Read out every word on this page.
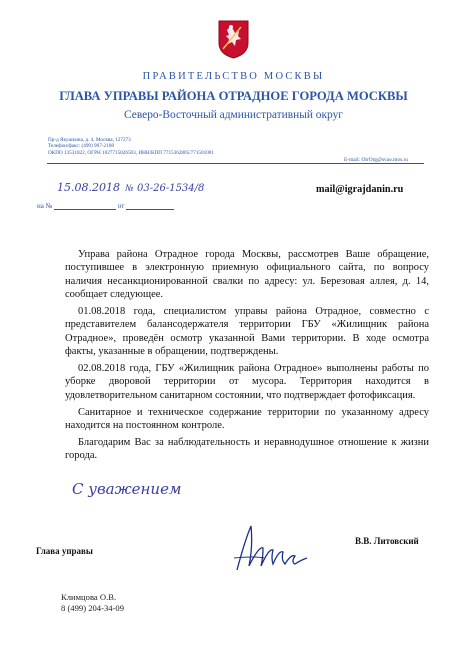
ПРАВИТЕЛЬСТВО МОСКВЫ
ГЛАВА УПРАВЫ РАЙОНА ОТРАДНОЕ ГОРОДА МОСКВЫ
Северо-Восточный административный округ
Пр-д Якушкина, д. 4, Москва, 127273
Телефон/факс: (499) 907-2108
ОКПО 13531822, ОГРН 1027715026503, ИНН/КПП 7715362805/771501001
E-mail: OtrOrg@svao.mos.ru
15.08.2018 № 03-26-1534/8
на №	от
mail@igrajdanin.ru

Управа района Отрадное города Москвы, рассмотрев Ваше обращение, поступившее в электронную приемную официального сайта, по вопросу наличия несанкционированной свалки по адресу: ул. Березовая аллея, д. 14, сообщает следующее.

01.08.2018 года, специалистом управы района Отрадное, совместно с представителем балансодержателя территории ГБУ «Жилищник района Отрадное», проведён осмотр указанной Вами территории. В ходе осмотра факты, указанные в обращении, подтверждены.

02.08.2018 года, ГБУ «Жилищник района Отрадное» выполнены работы по уборке дворовой территории от мусора. Территория находится в удовлетворительном санитарном состоянии, что подтверждает фотофиксация.

Санитарное и техническое содержание территории по указанному адресу находится на постоянном контроле.

Благодарим Вас за наблюдательность и неравнодушное отношение к жизни города.

С уважением
Глава управы
В.В. Литовский
Климцова О.В.
8 (499) 204-34-09
